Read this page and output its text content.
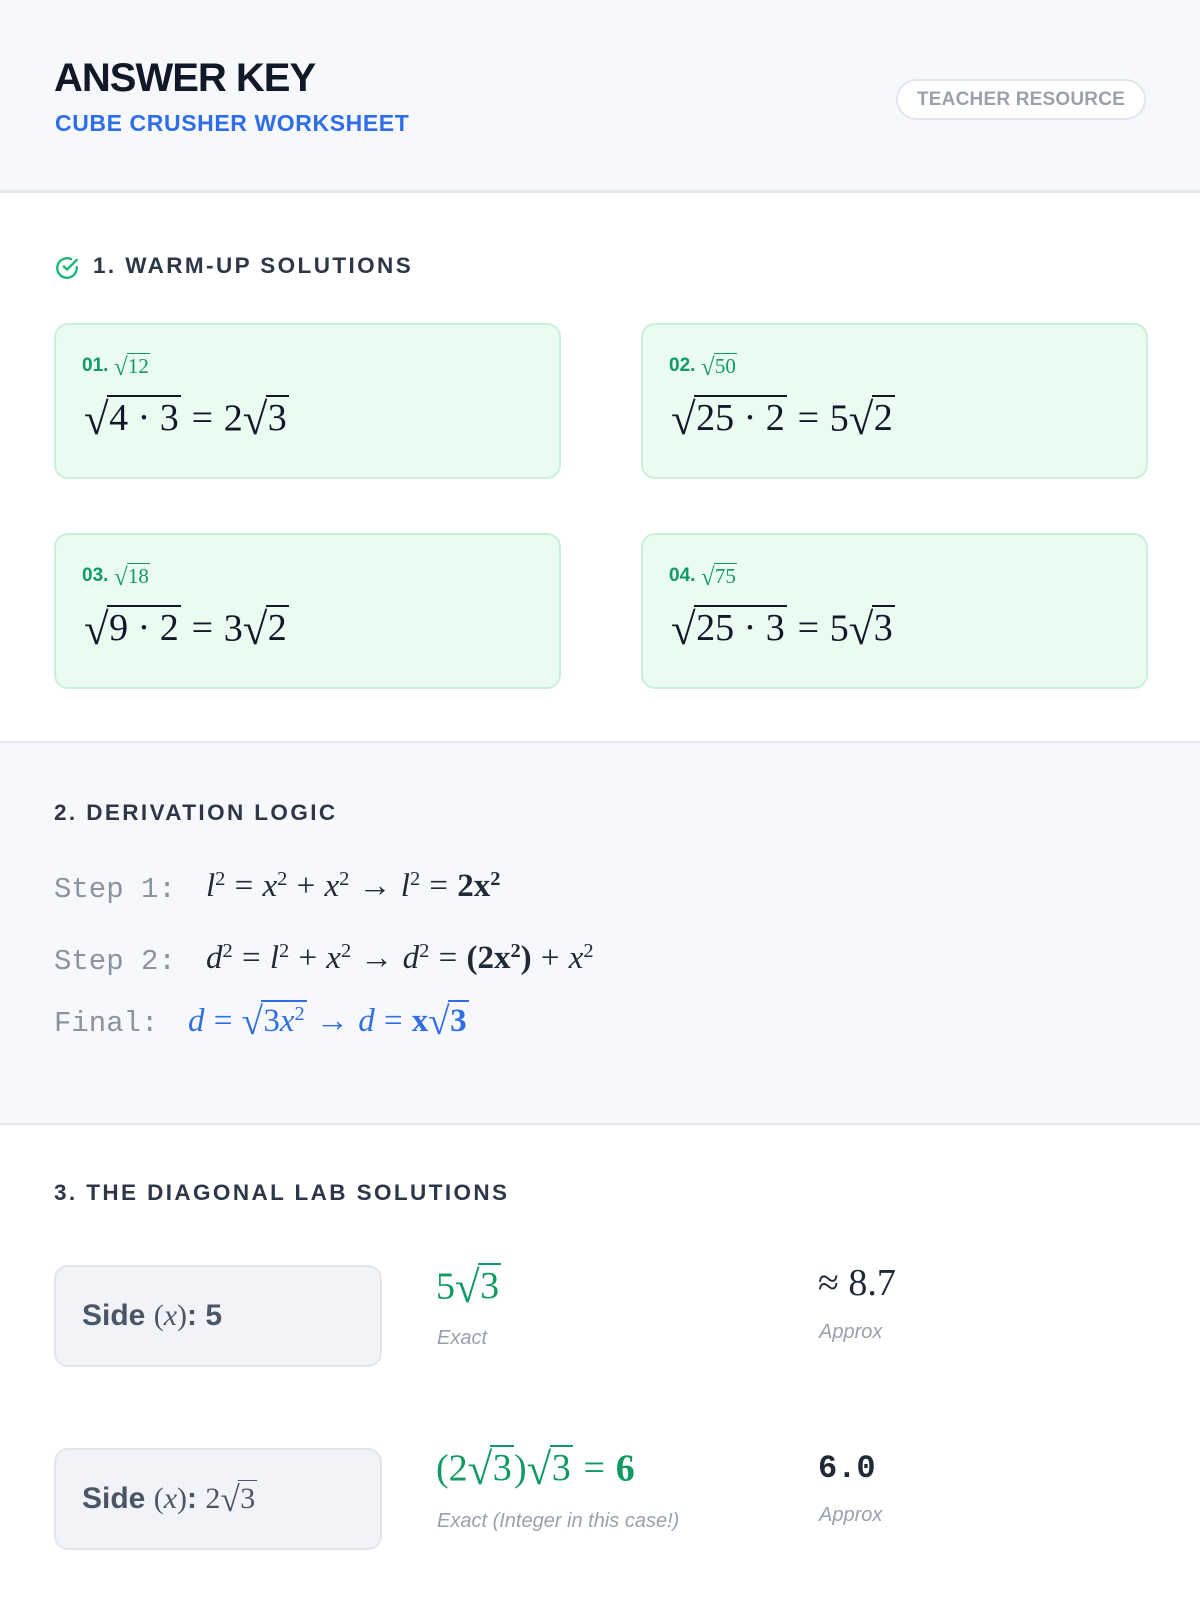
ANSWER KEY
CUBE CRUSHER WORKSHEET
TEACHER RESOURCE
1. WARM-UP SOLUTIONS
01. √12
√4 · 3 = 2√3
02. √50
√25 · 2 = 5√2
03. √18
√9 · 2 = 3√2
04. √75
√25 · 3 = 5√3
2. DERIVATION LOGIC
Step 1: $l^2 = x^2 + x^2 \to l^2 = 2x^2$
Step 2: $d^2 = l^2 + x^2 \to d^2 = (2x^2) + x^2$
Final: $d = √3x^2 \to d = x√3$
3. THE DIAGONAL LAB SOLUTIONS
Side
(x) : 5
5√3
Exact
≈ 8.7
Approx
Side
(x) : 2√3
(2√3)√3 = 6
Exact (Integer in this case!)
6.0
Approx
